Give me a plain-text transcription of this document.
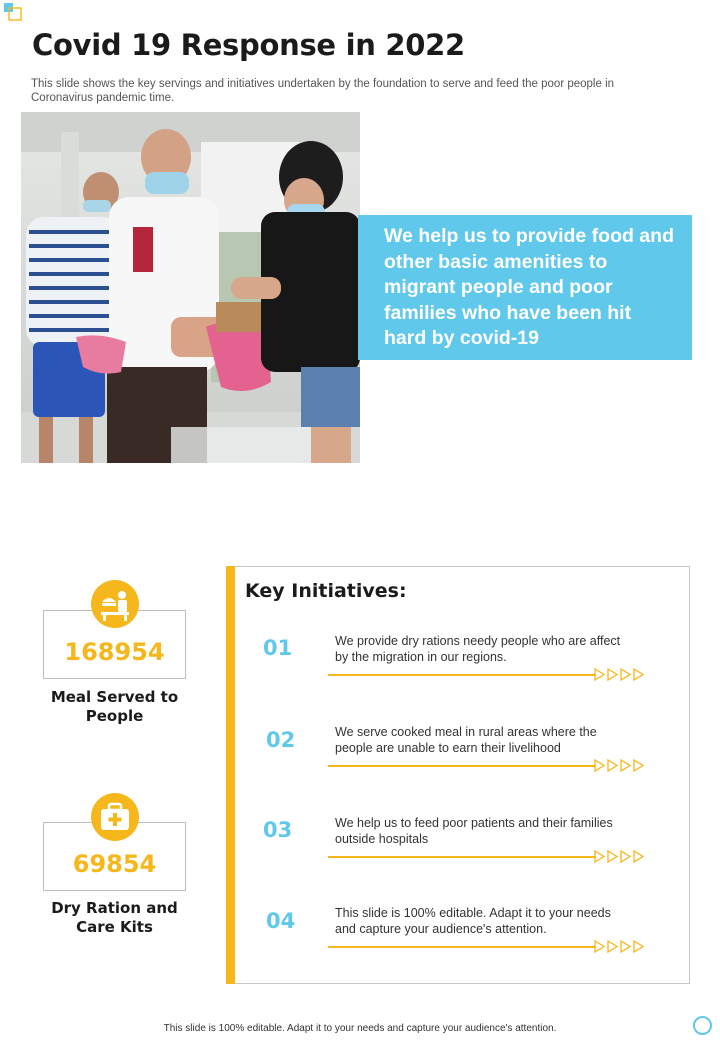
Covid 19 Response in 2022

This slide shows the key servings and initiatives undertaken by the foundation to serve and feed the poor people in Coronavirus pandemic time.

We help us to provide food and other basic amenities to migrant people and poor families who have been hit hard by covid-19
168954
Meal Served to People
69854
Dry Ration and Care Kits
Key Initiatives:
01	We provide dry rations needy people who are affect by the migration in our regions.

02	We serve cooked meal in rural areas where the people are unable to earn their livelihood

03	We help us to feed poor patients and their families outside hospitals

04	This slide is 100% editable. Adapt it to your needs and capture your audience's attention.

This slide is 100% editable. Adapt it to your needs and capture your audience's attention.
